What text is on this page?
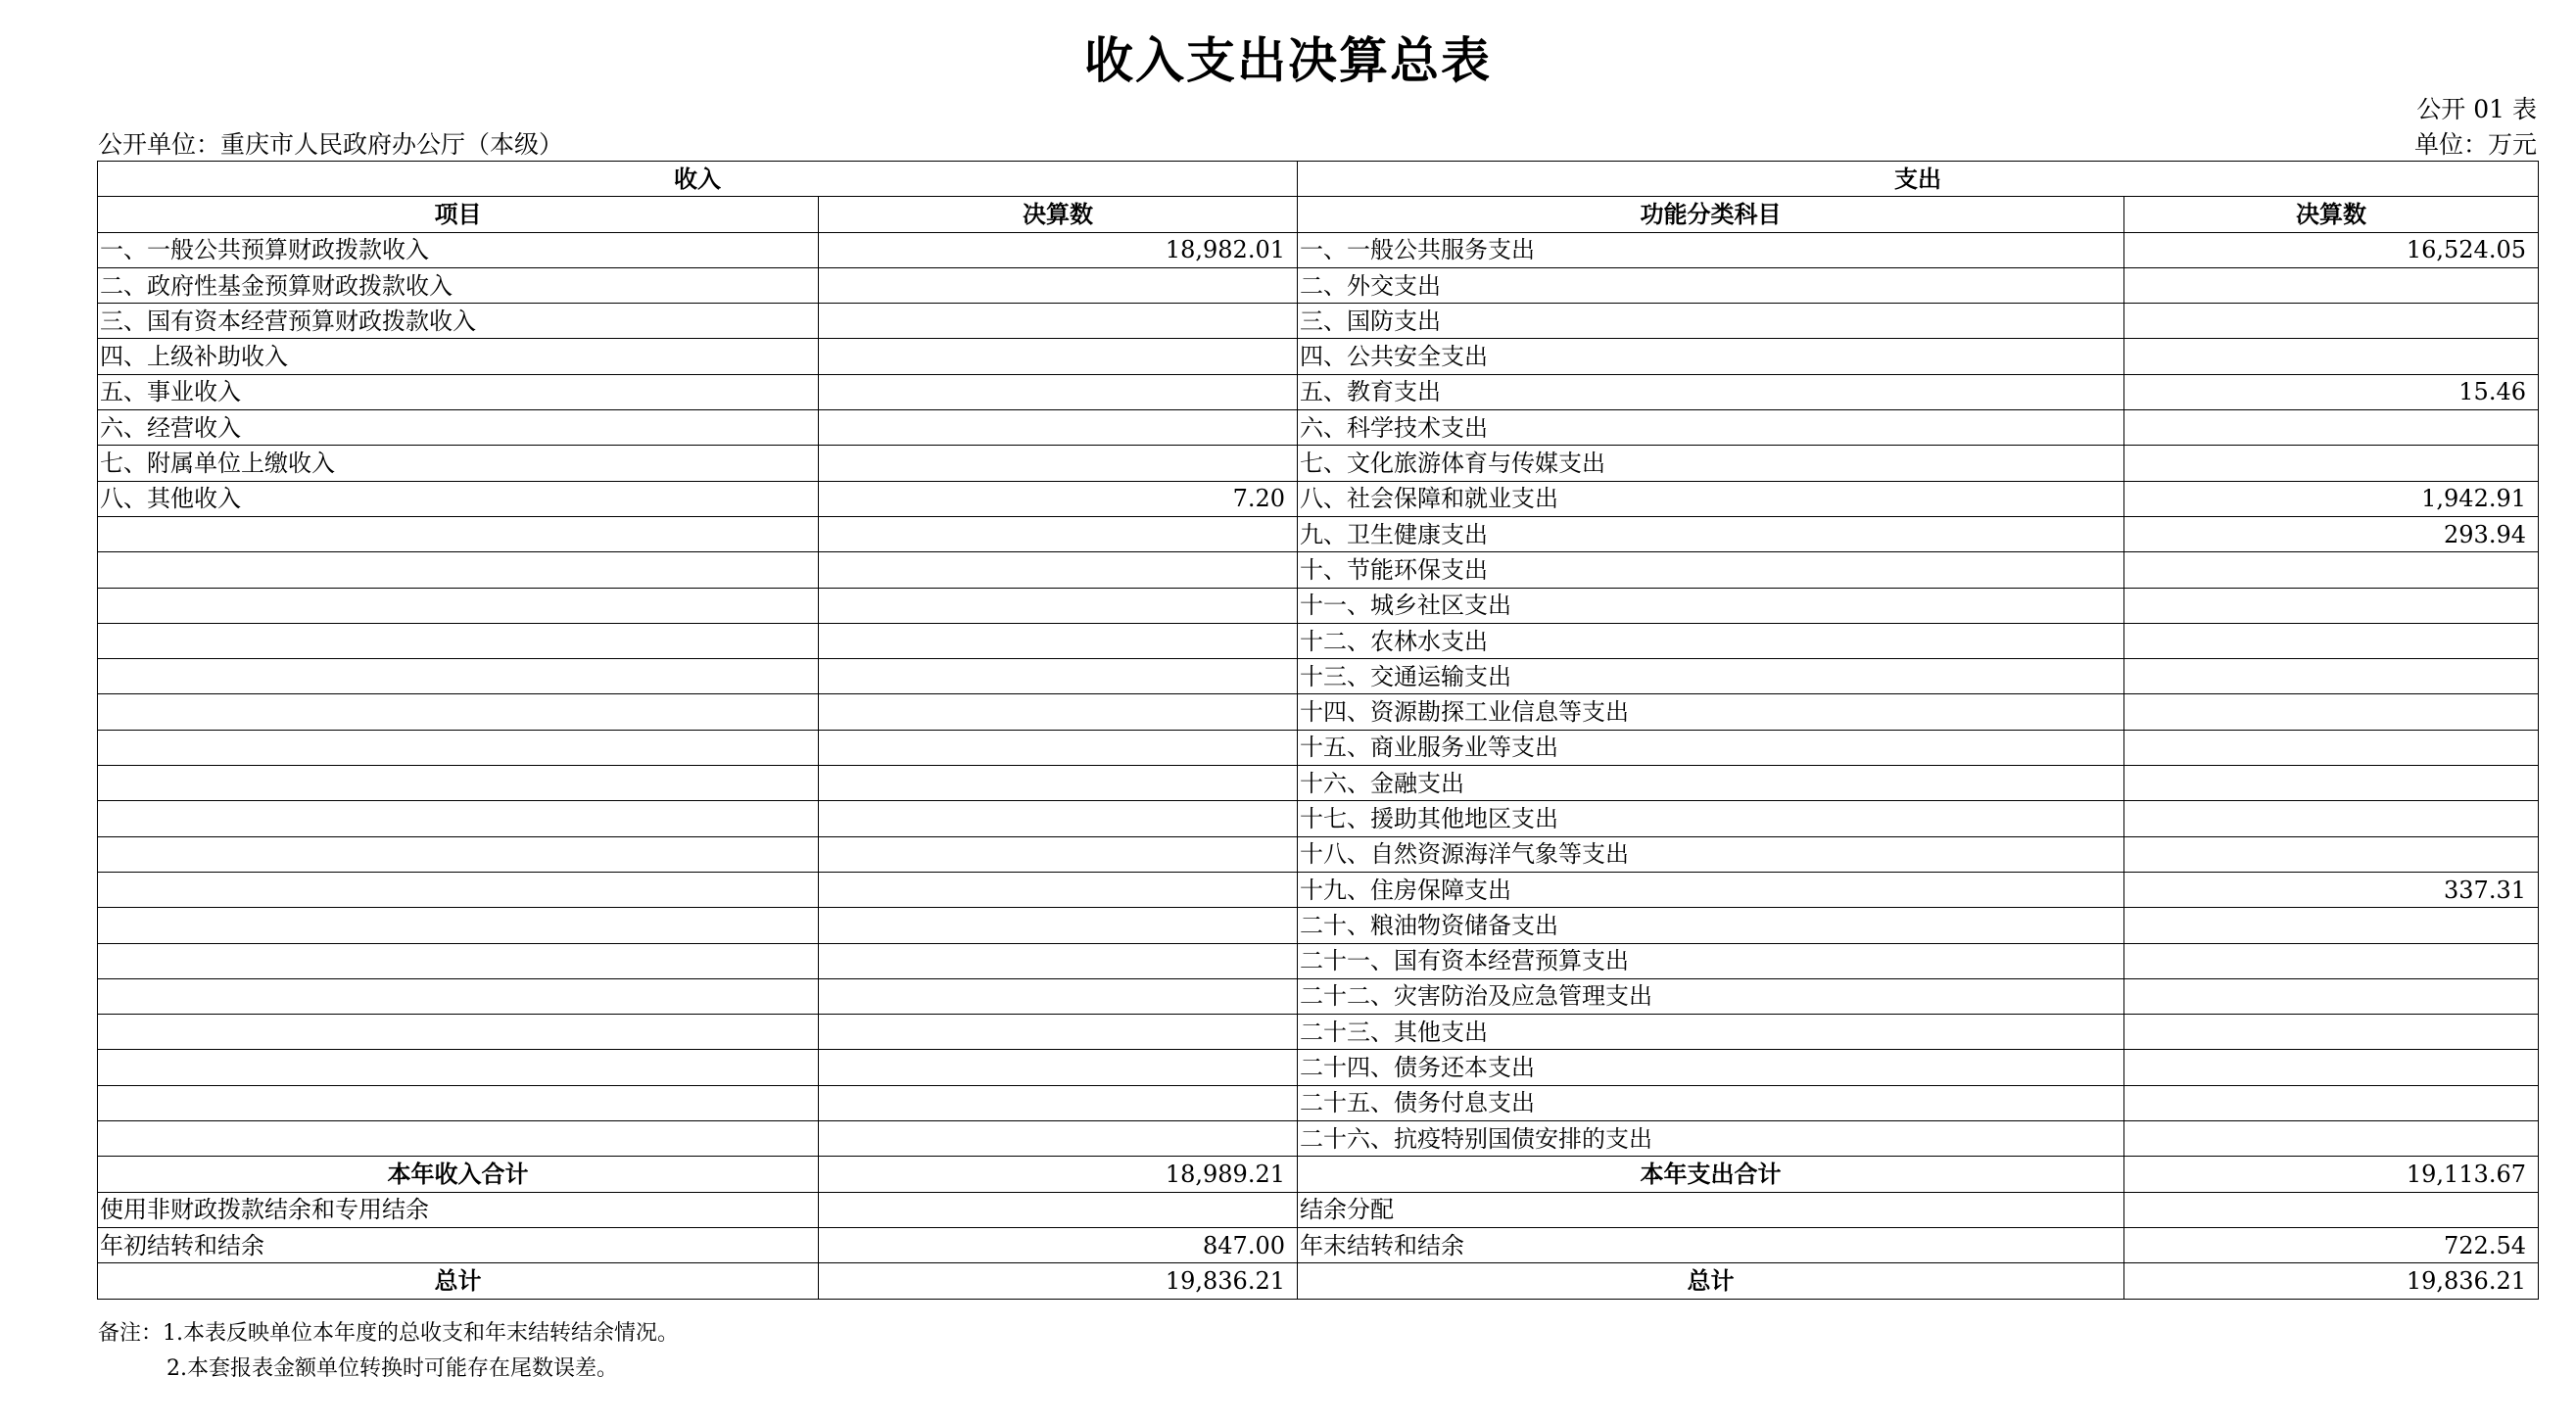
收入支出决算总表
公开 01 表
公开单位：重庆市人民政府办公厅（本级）	单位：万元
收入		支出	
项目	决算数	功能分类科目	决算数
一、一般公共预算财政拨款收入	18,982.01	一、一般公共服务支出	16,524.05
二、政府性基金预算财政拨款收入		二、外交支出	
三、国有资本经营预算财政拨款收入		三、国防支出	
四、上级补助收入		四、公共安全支出	
五、事业收入		五、教育支出	15.46
六、经营收入		六、科学技术支出	
七、附属单位上缴收入		七、文化旅游体育与传媒支出	
八、其他收入	7.20	八、社会保障和就业支出	1,942.91
		九、卫生健康支出	293.94
		十、节能环保支出	
		十一、城乡社区支出	
		十二、农林水支出	
		十三、交通运输支出	
		十四、资源勘探工业信息等支出	
		十五、商业服务业等支出	
		十六、金融支出	
		十七、援助其他地区支出	
		十八、自然资源海洋气象等支出	
		十九、住房保障支出	337.31
		二十、粮油物资储备支出	
		二十一、国有资本经营预算支出	
		二十二、灾害防治及应急管理支出	
		二十三、其他支出	
		二十四、债务还本支出	
		二十五、债务付息支出	
		二十六、抗疫特别国债安排的支出	
本年收入合计	18,989.21	本年支出合计	19,113.67
使用非财政拨款结余和专用结余		结余分配	
年初结转和结余	847.00	年末结转和结余	722.54
总计	19,836.21	总计	19,836.21
备注：1.本表反映单位本年度的总收支和年末结转结余情况。
2.本套报表金额单位转换时可能存在尾数误差。
